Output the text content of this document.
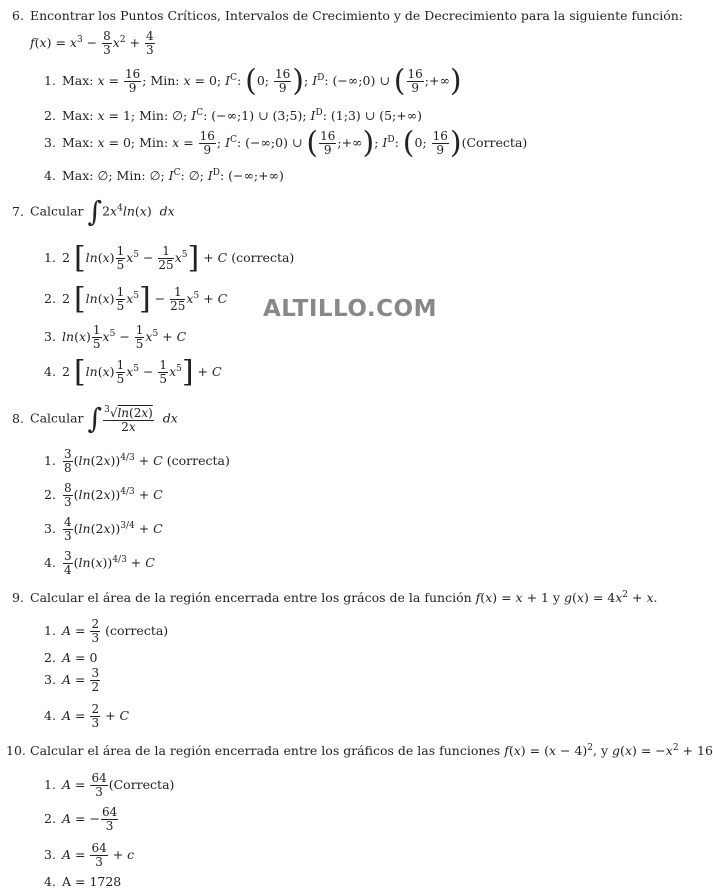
ALTILLO.COM
6. Encontrar los Puntos Críticos, Intervalos de Crecimiento y de Decrecimiento para la siguiente función:
$f(x) = x^3 - \frac{8}{3} x^2 + \frac{4}{3}$
1. Max: $x = \frac{16}{9}$ ; Min: x = 0; $I^C$: (0; $\frac{16}{9}$ ); $I^D$: (−∞;0) ∪ ( $\frac{16}{9}$ ;+∞)
2. Max: x = 1; Min: ∅; $I^C$: (−∞;1) ∪ (3;5); $I^D$: (1;3) ∪ (5;+∞)
3. Max: x = 0; Min: $x = \frac{16}{9}$ ; $I^C$: (−∞;0) ∪ ( $\frac{16}{9}$ ;+∞); $I^D$: (0; $\frac{16}{9}$ )(Correcta)
4. Max: ∅; Min: ∅; $I^C$: ∅; $I^D$: (−∞;+∞)
7. Calcular $\int 2x^4\ln(x)$  dx
1. 2 $[\ln(x) \frac{1}{5} x^5 - \frac{1}{25} x^5] + C$ (correcta)
2. 2 $[\ln(x) \frac{1}{5} x^5] - \frac{1}{25} x^5 + C$
3. $\ln(x) \frac{1}{5} x^5 - \frac{1}{5} x^5 + C$
4. 2 $[\ln(x) \frac{1}{5} x^5 - \frac{1}{5} x^5] + C$
8. Calcular ∫ $\frac{^3√\ln(2x)}{2x}$ dx
1. $\frac{3}{8} (\ln(2x))^{4/3} + C$ (correcta)
2. $\frac{8}{3} (\ln(2x))^{4/3} + C$
3. $\frac{4}{3} (\ln(2x))^{3/4} + C$
4. $\frac{3}{4} (\ln(x))^{4/3} + C$
9. Calcular el área de la región encerrada entre los grácos de la función f(x) = x + 1 y $g(x) = 4x^2 + x$.
1. $A = \frac{2}{3}$ (correcta)
2. A = 0
3. $A = \frac{3}{2}$
4. $A = \frac{2}{3} + C$
10. Calcular el área de la región encerrada entre los gráficos de las funciones $f(x) = (x - 4)^2$, y $g(x) = -x^2 + 16$
1. $A = \frac{64}{3}$ (Correcta)
2. A = − $\frac{64}{3}$
3. $A = \frac{64}{3} + c$
4. A = 1728
